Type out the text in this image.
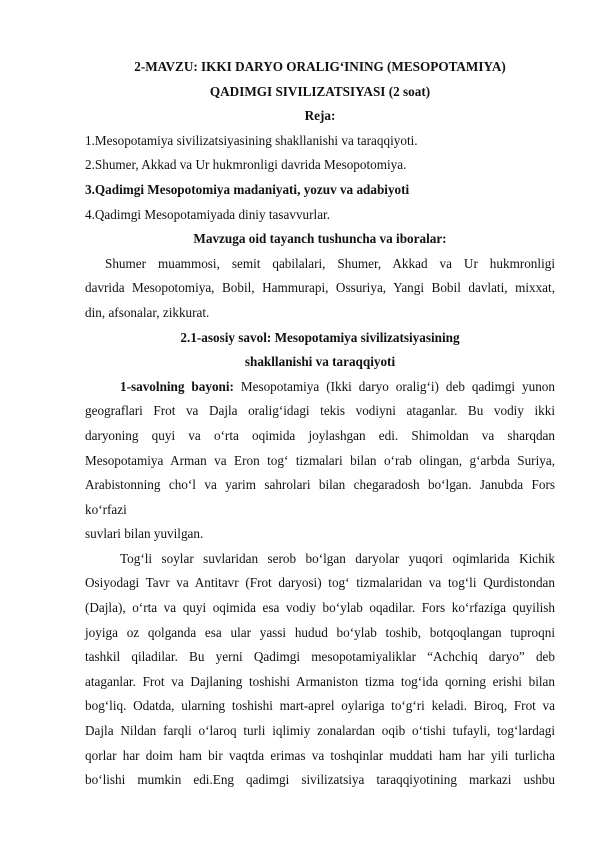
2-MAVZU: IKKI DARYO ORALIG‘INING (MESOPOTAMIYA)
QADIMGI SIVILIZATSIYASI (2 soat)
Reja:
1.Mesopotamiya sivilizatsiyasining shakllanishi va taraqqiyoti.
2.Shumer, Akkad va Ur hukmronligi davrida Mesopotomiya.
3.Qadimgi Mesopotomiya madaniyati, yozuv va adabiyoti
4.Qadimgi Mesopotamiyada diniy tasavvurlar.
Mavzuga oid tayanch tushuncha va iboralar:
Shumer muammosi, semit qabilalari, Shumer, Akkad va Ur hukmronligi
davrida Mesopotomiya, Bobil, Hammurapi, Ossuriya, Yangi Bobil davlati, mixxat,
din, afsonalar, zikkurat.
2.1-asosiy savol: Mesopotamiya sivilizatsiyasining
shakllanishi va taraqqiyoti
1-savolning bayoni: Mesopotamiya (Ikki daryo oralig‘i) deb qadimgi yunon
geograflari Frot va Dajla oralig‘idagi tekis vodiyni ataganlar. Bu vodiy ikki
daryoning quyi va o‘rta oqimida joylashgan edi. Shimoldan va sharqdan
Mesopotamiya Arman va Eron tog‘ tizmalari bilan o‘rab olingan, g‘arbda Suriya,
Arabistonning cho‘l va yarim sahrolari bilan chegaradosh bo‘lgan. Janubda Fors
ko‘rfazi
suvlari bilan yuvilgan.
Tog‘li soylar suvlaridan serob bo‘lgan daryolar yuqori oqimlarida Kichik
Osiyodagi Tavr va Antitavr (Frot daryosi) tog‘ tizmalaridan va tog‘li Qurdistondan
(Dajla), o‘rta va quyi oqimida esa vodiy bo‘ylab oqadilar. Fors ko‘rfaziga quyilish
joyiga oz qolganda esa ular yassi hudud bo‘ylab toshib, botqoqlangan tuproqni
tashkil qiladilar. Bu yerni Qadimgi mesopotamiyaliklar “Achchiq daryo” deb
ataganlar. Frot va Dajlaning toshishi Armaniston tizma tog‘ida qorning erishi bilan
bog‘liq. Odatda, ularning toshishi mart-aprel oylariga to‘g‘ri keladi. Biroq, Frot va
Dajla Nildan farqli o‘laroq turli iqlimiy zonalardan oqib o‘tishi tufayli, tog‘lardagi
qorlar har doim ham bir vaqtda erimas va toshqinlar muddati ham har yili turlicha
bo‘lishi mumkin edi.Eng qadimgi sivilizatsiya taraqqiyotining markazi ushbu
